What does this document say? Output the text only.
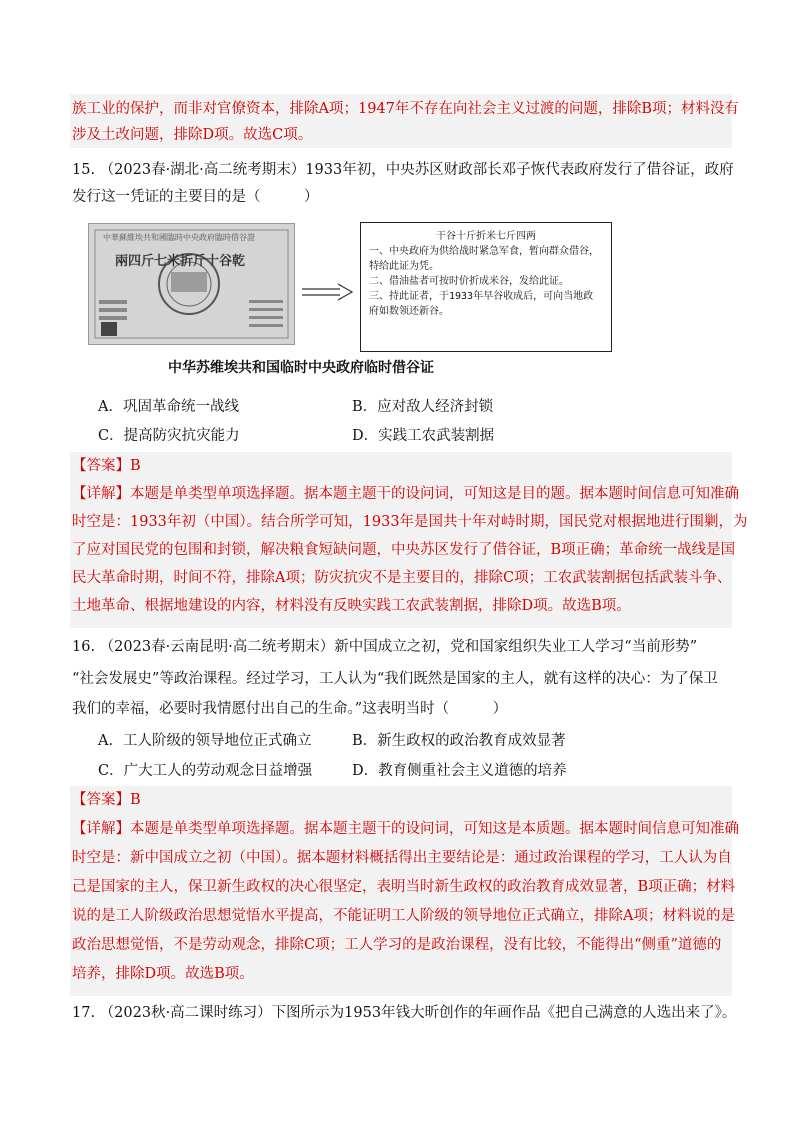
族工业的保护，而非对官僚资本，排除A项；1947年不存在向社会主义过渡的问题，排除B项；材料没有
涉及土改问题，排除D项。故选C项。
15. （2023春·湖北·高二统考期末）1933年初，中央苏区财政部长邓子恢代表政府发行了借谷证，政府
发行这一凭证的主要目的是（　　　）
中華蘇維埃共和國臨時中央政府臨時借谷證
兩四斤七米折斤十谷乾
干谷十斤折米七斤四两
一、中央政府为供给战时紧急军食，暂向群众借谷，特给此证为凭。
二、借油盐者可按时价折成米谷，发给此证。
三、持此证者，于1933年早谷收成后，可向当地政府如数领还新谷。
中华苏维埃共和国临时中央政府临时借谷证
A．巩固革命统一战线	B．应对敌人经济封锁
C．提高防灾抗灾能力	D．实践工农武装割据
【答案】B
【详解】本题是单类型单项选择题。据本题主题干的设问词，可知这是目的题。据本题时间信息可知准确
时空是：1933年初（中国）。结合所学可知，1933年是国共十年对峙时期，国民党对根据地进行围剿，为
了应对国民党的包围和封锁，解决粮食短缺问题，中央苏区发行了借谷证，B项正确；革命统一战线是国
民大革命时期，时间不符，排除A项；防灾抗灾不是主要目的，排除C项；工农武装割据包括武装斗争、
土地革命、根据地建设的内容，材料没有反映实践工农武装割据，排除D项。故选B项。
16. （2023春·云南昆明·高二统考期末）新中国成立之初，党和国家组织失业工人学习“当前形势”
“社会发展史”等政治课程。经过学习，工人认为“我们既然是国家的主人，就有这样的决心：为了保卫
我们的幸福，必要时我情愿付出自己的生命。”这表明当时（　　　）
A．工人阶级的领导地位正式确立	B．新生政权的政治教育成效显著
C．广大工人的劳动观念日益增强	D．教育侧重社会主义道德的培养
【答案】B
【详解】本题是单类型单项选择题。据本题主题干的设问词，可知这是本质题。据本题时间信息可知准确
时空是：新中国成立之初（中国）。据本题材料概括得出主要结论是：通过政治课程的学习，工人认为自
己是国家的主人，保卫新生政权的决心很坚定，表明当时新生政权的政治教育成效显著，B项正确；材料
说的是工人阶级政治思想觉悟水平提高，不能证明工人阶级的领导地位正式确立，排除A项；材料说的是
政治思想觉悟，不是劳动观念，排除C项；工人学习的是政治课程，没有比较，不能得出“侧重”道德的
培养，排除D项。故选B项。
17. （2023秋·高二课时练习）下图所示为1953年钱大昕创作的年画作品《把自己满意的人选出来了》。
